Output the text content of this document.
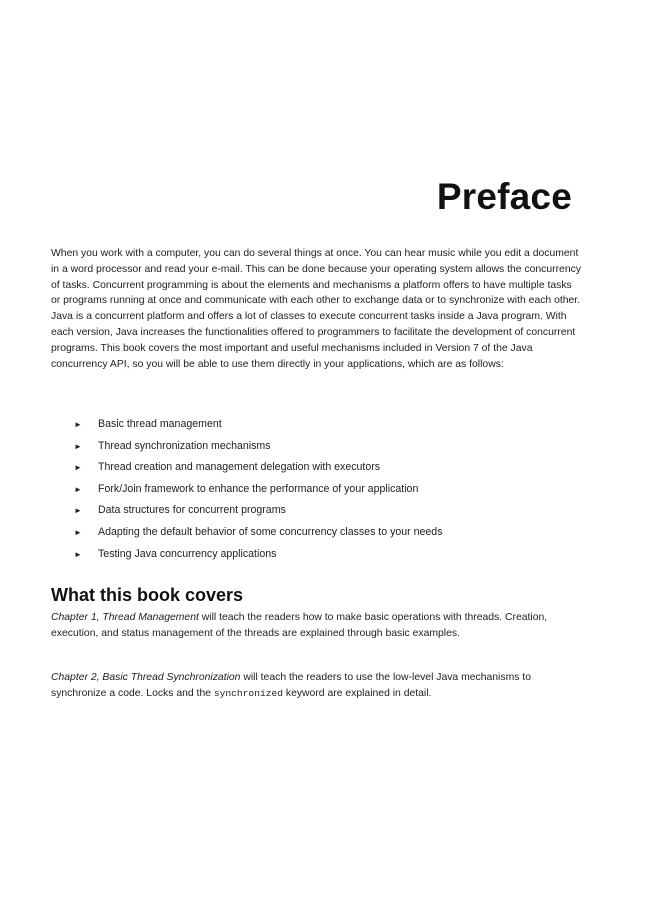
Preface

When you work with a computer, you can do several things at once. You can hear music while you edit a document in a word processor and read your e-mail. This can be done because your operating system allows the concurrency of tasks. Concurrent programming is about the elements and mechanisms a platform offers to have multiple tasks or programs running at once and communicate with each other to exchange data or to synchronize with each other. Java is a concurrent platform and offers a lot of classes to execute concurrent tasks inside a Java program. With each version, Java increases the functionalities offered to programmers to facilitate the development of concurrent programs. This book covers the most important and useful mechanisms included in Version 7 of the Java concurrency API, so you will be able to use them directly in your applications, which are as follows:

► Basic thread management
► Thread synchronization mechanisms
► Thread creation and management delegation with executors
► Fork/Join framework to enhance the performance of your application
► Data structures for concurrent programs
► Adapting the default behavior of some concurrency classes to your needs
► Testing Java concurrency applications
What this book covers

Chapter 1, Thread Management will teach the readers how to make basic operations with threads. Creation, execution, and status management of the threads are explained through basic examples.

Chapter 2, Basic Thread Synchronization will teach the readers to use the low-level Java mechanisms to synchronize a code. Locks and the synchronized keyword are explained in detail.
